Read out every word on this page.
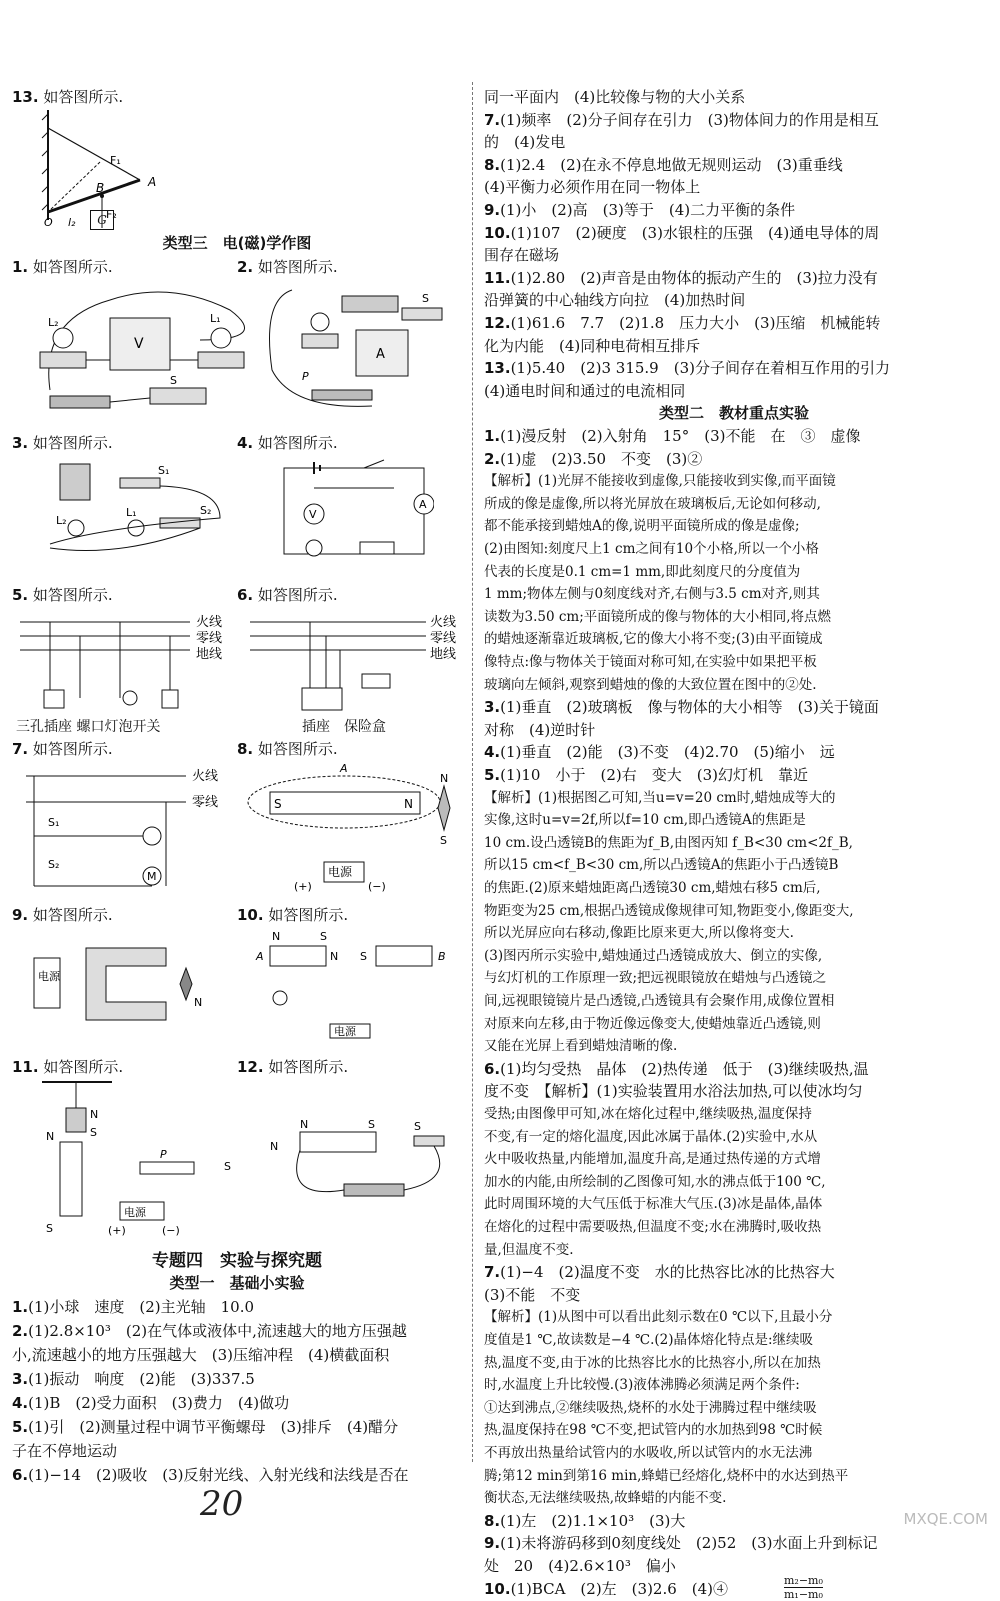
13. 如答图所示.
F₁
B	A
O l₂
F₂
G
类型三　电(磁)学作图
1. 如答图所示.	2. 如答图所示.
V
L₂	L₁
S
A
S
P
3. 如答图所示.	4. 如答图所示.
S₁
S₂
L₂
L₁
A
V
5. 如答图所示.	6. 如答图所示.
火线
零线
地线
三孔插座 螺口灯泡开关
火线
零线
地线
插座　保险盒
7. 如答图所示.	8. 如答图所示.
M
S₁
S₂
火线
零线	S	N
A
N
S
电源
(+)	(−)
9. 如答图所示.	10. 如答图所示.
电源
N
N	S
N S
A	B
电源
11. 如答图所示.	12. 如答图所示.
N
S
N
S
P
电源
(+)	(−)
S
N	S
N
S
专题四　实验与探究题
类型一　基础小实验
1.(1)小球　速度　(2)主光轴　10.0
2.(1)2.8×10³　(2)在气体或液体中,流速越大的地方压强越
小,流速越小的地方压强越大　(3)压缩冲程　(4)横截面积
3.(1)振动　响度　(2)能　(3)337.5
4.(1)B　(2)受力面积　(3)费力　(4)做功
5.(1)引　(2)测量过程中调节平衡螺母　(3)排斥　(4)醋分
子在不停地运动
6.(1)−14　(2)吸收　(3)反射光线、入射光线和法线是否在
同一平面内　(4)比较像与物的大小关系
7.(1)频率　(2)分子间存在引力　(3)物体间力的作用是相互
的　(4)发电
8.(1)2.4　(2)在永不停息地做无规则运动　(3)重垂线
(4)平衡力必须作用在同一物体上
9.(1)小　(2)高　(3)等于　(4)二力平衡的条件
10.(1)107　(2)硬度　(3)水银柱的压强　(4)通电导体的周
围存在磁场
11.(1)2.80　(2)声音是由物体的振动产生的　(3)拉力没有
沿弹簧的中心轴线方向拉　(4)加热时间
12.(1)61.6　7.7　(2)1.8　压力大小　(3)压缩　机械能转
化为内能　(4)同种电荷相互排斥
13.(1)5.40　(2)3 315.9　(3)分子间存在着相互作用的引力
(4)通电时间和通过的电流相同
类型二　教材重点实验
1.(1)漫反射　(2)入射角　15°　(3)不能　在　③　虚像
2.(1)虚　(2)3.50　不变　(3)②
【解析】(1)光屏不能接收到虚像,只能接收到实像,而平面镜
所成的像是虚像,所以将光屏放在玻璃板后,无论如何移动,
都不能承接到蜡烛A的像,说明平面镜所成的像是虚像;
(2)由图知:刻度尺上1 cm之间有10个小格,所以一个小格
代表的长度是0.1 cm=1 mm,即此刻度尺的分度值为
1 mm;物体左侧与0刻度线对齐,右侧与3.5 cm对齐,则其
读数为3.50 cm;平面镜所成的像与物体的大小相同,将点燃
的蜡烛逐渐靠近玻璃板,它的像大小将不变;(3)由平面镜成
像特点:像与物体关于镜面对称可知,在实验中如果把平板
玻璃向左倾斜,观察到蜡烛的像的大致位置在图中的②处.
3.(1)垂直　(2)玻璃板　像与物体的大小相等　(3)关于镜面
对称　(4)逆时针
4.(1)垂直　(2)能　(3)不变　(4)2.70　(5)缩小　远
5.(1)10　小于　(2)右　变大　(3)幻灯机　靠近
【解析】(1)根据图乙可知,当u=v=20 cm时,蜡烛成等大的
实像,这时u=v=2f,所以f=10 cm,即凸透镜A的焦距是
10 cm.设凸透镜B的焦距为f_B,由图丙知 f_B<30 cm<2f_B,
所以15 cm<f_B<30 cm,所以凸透镜A的焦距小于凸透镜B
的焦距.(2)原来蜡烛距离凸透镜30 cm,蜡烛右移5 cm后,
物距变为25 cm,根据凸透镜成像规律可知,物距变小,像距变大,
所以光屏应向右移动,像距比原来更大,所以像将变大.
(3)图丙所示实验中,蜡烛通过凸透镜成放大、倒立的实像,
与幻灯机的工作原理一致;把远视眼镜放在蜡烛与凸透镜之
间,远视眼镜镜片是凸透镜,凸透镜具有会聚作用,成像位置相
对原来向左移,由于物近像远像变大,使蜡烛靠近凸透镜,则
又能在光屏上看到蜡烛清晰的像.
6.(1)均匀受热　晶体　(2)热传递　低于　(3)继续吸热,温
度不变　【解析】(1)实验装置用水浴法加热,可以使冰均匀
受热;由图像甲可知,冰在熔化过程中,继续吸热,温度保持
不变,有一定的熔化温度,因此冰属于晶体.(2)实验中,水从
火中吸收热量,内能增加,温度升高,是通过热传递的方式增
加水的内能,由所绘制的乙图像可知,水的沸点低于100 ℃,
此时周围环境的大气压低于标准大气压.(3)冰是晶体,晶体
在熔化的过程中需要吸热,但温度不变;水在沸腾时,吸收热
量,但温度不变.
7.(1)−4　(2)温度不变　水的比热容比冰的比热容大
(3)不能　不变
【解析】(1)从图中可以看出此刻示数在0 ℃以下,且最小分
度值是1 ℃,故读数是−4 ℃.(2)晶体熔化特点是:继续吸
热,温度不变,由于冰的比热容比水的比热容小,所以在加热
时,水温度上升比较慢.(3)液体沸腾必须满足两个条件:
①达到沸点,②继续吸热,烧杯的水处于沸腾过程中继续吸
热,温度保持在98 ℃不变,把试管内的水加热到98 ℃时候
不再放出热量给试管内的水吸收,所以试管内的水无法沸
腾;第12 min到第16 min,蜂蜡已经熔化,烧杯中的水达到热平
衡状态,无法继续吸热,故蜂蜡的内能不变.
8.(1)左　(2)1.1×10³　(3)大
9.(1)未将游码移到0刻度线处　(2)52　(3)水面上升到标记
处　20　(4)2.6×10³　偏小
10.(1)BCA　(2)左　(3)2.6　(4)④	$\frac{\text{m₂−m₀}}{\text{m₁−m₀}}$
20	MXQE.COM
